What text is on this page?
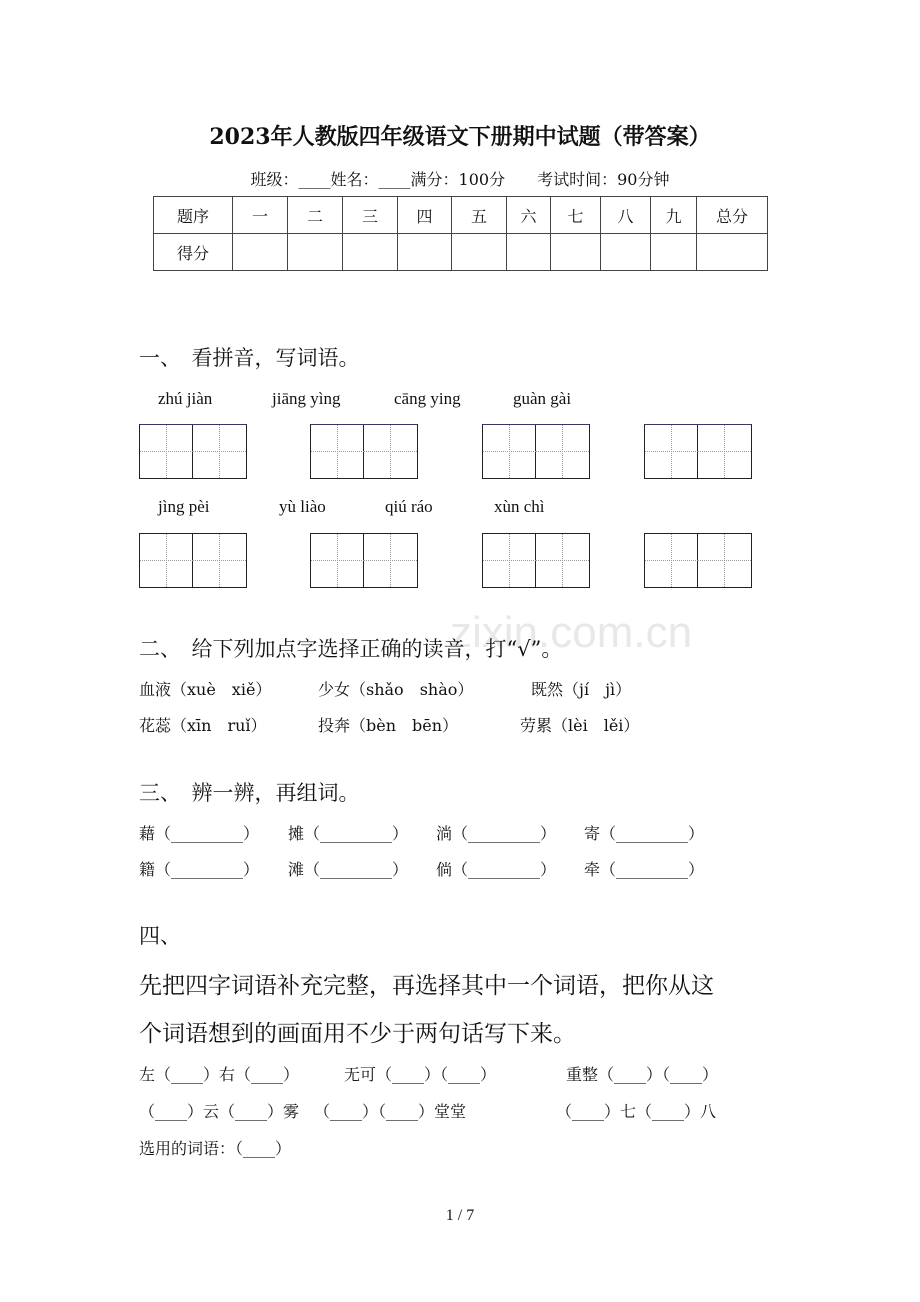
zixin.com.cn
2023年人教版四年级语文下册期中试题（带答案）
班级：____姓名：____满分：100分　　考试时间：90分钟
题序	一	二	三	四	五	六	七	八	九	总分
得分										
一、　看拼音，写词语。
zhú jiàn	jiāng yìng	cāng ying	guàn gài
jìng pèi	yù liào	qiú ráo	xùn chì
二、　给下列加点字选择正确的读音，打“√”。
血液（xuè　xiě）	少女（shǎo　shào）	既然（jí　jì）
花蕊（xīn　ruǐ）	投奔（bèn　bēn）	劳累（lèi　lěi）
三、　辨一辨，再组词。
藉（_________） 摊（_________） 淌（_________） 寄（_________）
籍（_________） 滩（_________） 倘（_________） 牵（_________）
四、
先把四字词语补充完整，再选择其中一个词语，把你从这
个词语想到的画面用不少于两句话写下来。
左（____）右（____）	无可（____）（____）	重整（____）（____）
（____）云（____）雾 （____）（____）堂堂	（____）七（____）八
选用的词语：（____）
1 / 7
